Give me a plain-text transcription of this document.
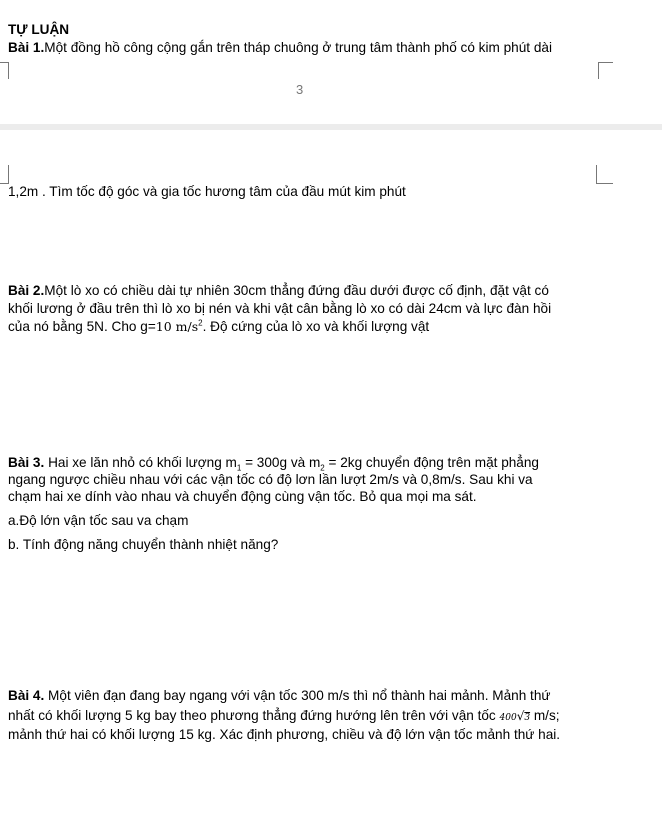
TỰ LUẬN
Bài 1.Một đồng hồ công cộng gắn trên tháp chuông ở trung tâm thành phố có kim phút dài
3
1,2m . Tìm tốc độ góc và gia tốc hương tâm của đầu mút kim phút
Bài 2.Một lò xo có chiều dài tự nhiên 30cm thẳng đứng đầu dưới được cố định, đặt vật có
khối lương ở đầu trên thì lò xo bị nén và khi vật cân bằng lò xo có dài 24cm và lực đàn hồi
của nó bằng 5N. Cho g=10 $m/s^2$. Độ cứng của lò xo và khối lượng vật
Bài 3. Hai xe lăn nhỏ có khối lượng $m_1 = 300g$ và $m_2 = 2kg$ chuyển động trên mặt phẳng
ngang ngược chiều nhau với các vận tốc có độ lơn lần lượt 2m/s và 0,8m/s. Sau khi va
chạm hai xe dính vào nhau và chuyển động cùng vận tốc. Bỏ qua mọi ma sát.
a.Độ lớn vận tốc sau va chạm
b. Tính động năng chuyển thành nhiệt năng?
Bài 4. Một viên đạn đang bay ngang với vận tốc 300 m/s thì nổ thành hai mảnh. Mảnh thứ
nhất có khối lượng 5 kg bay theo phương thẳng đứng hướng lên trên với vận tốc 400√3 m/s;
mảnh thứ hai có khối lượng 15 kg. Xác định phương, chiều và độ lớn vận tốc mảnh thứ hai.
